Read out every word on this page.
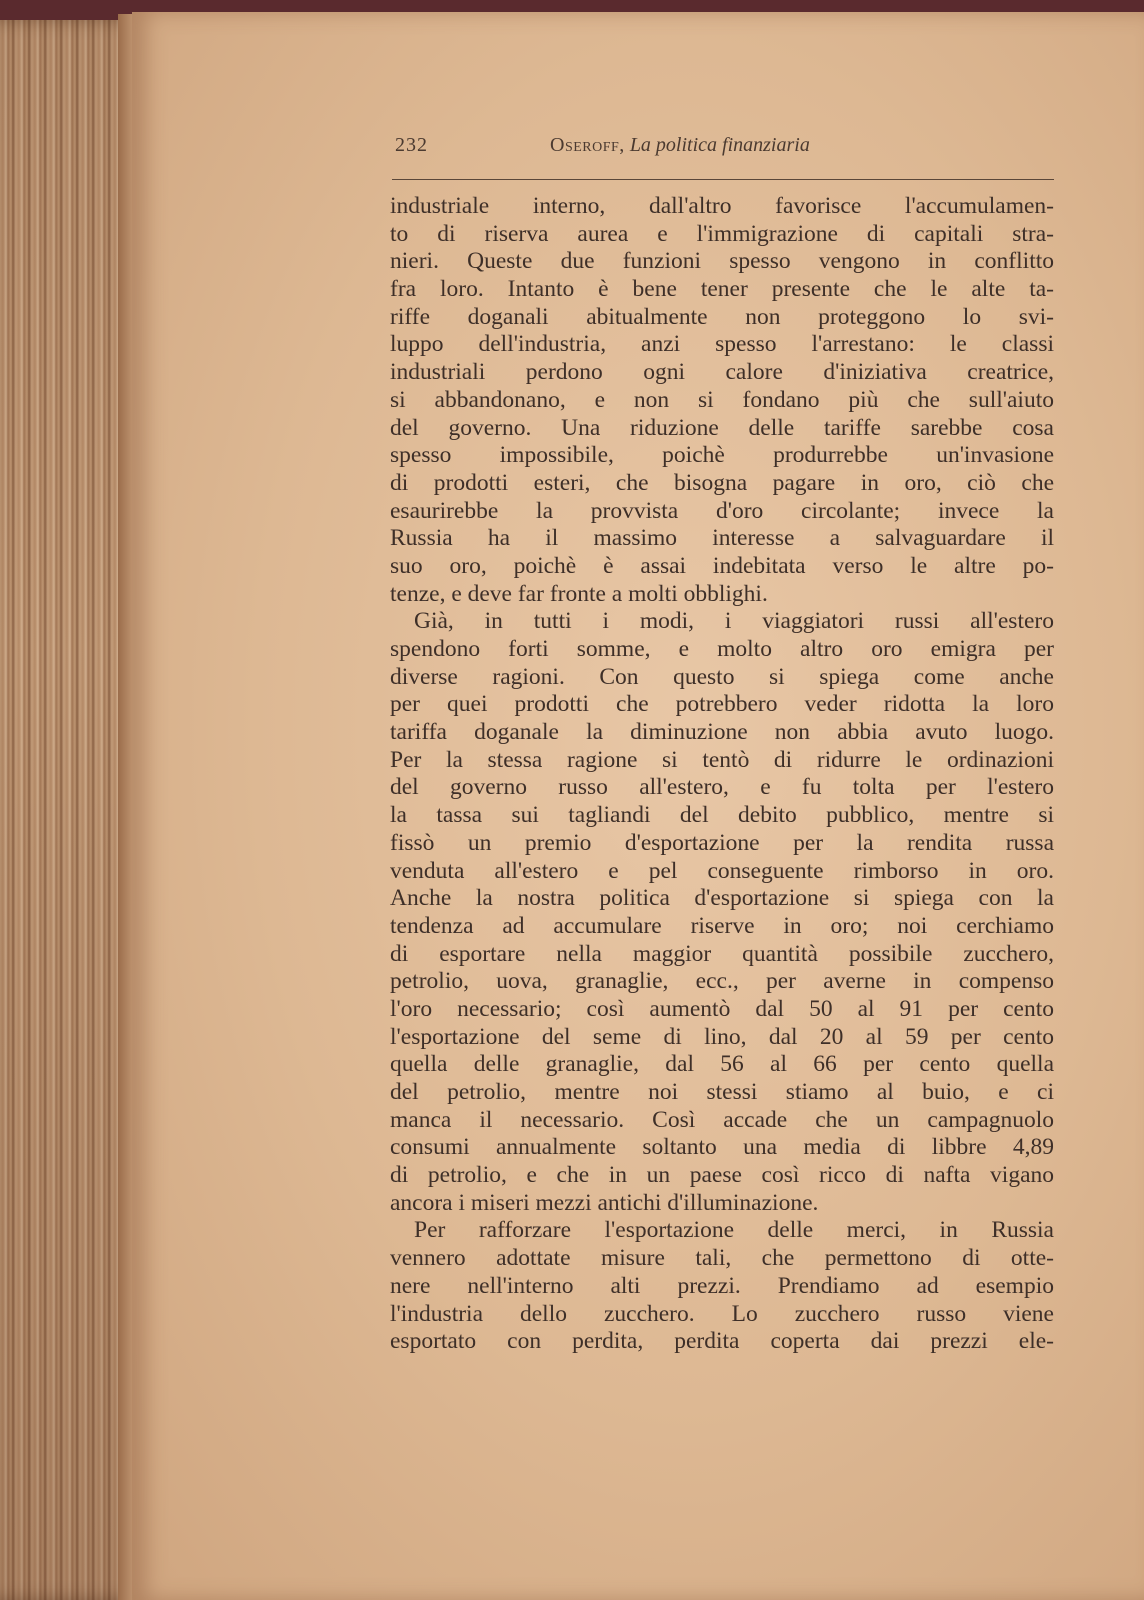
232	Oseroff, La politica finanziaria
industriale interno, dall'altro favorisce l'accumulamen-
to di riserva aurea e l'immigrazione di capitali stra-
nieri. Queste due funzioni spesso vengono in conflitto
fra loro. Intanto è bene tener presente che le alte ta-
riffe doganali abitualmente non proteggono lo svi-
luppo dell'industria, anzi spesso l'arrestano: le classi
industriali perdono ogni calore d'iniziativa creatrice,
si abbandonano, e non si fondano più che sull'aiuto
del governo. Una riduzione delle tariffe sarebbe cosa
spesso impossibile, poichè produrrebbe un'invasione
di prodotti esteri, che bisogna pagare in oro, ciò che
esaurirebbe la provvista d'oro circolante; invece la
Russia ha il massimo interesse a salvaguardare il
suo oro, poichè è assai indebitata verso le altre po-
tenze, e deve far fronte a molti obblighi.
Già, in tutti i modi, i viaggiatori russi all'estero
spendono forti somme, e molto altro oro emigra per
diverse ragioni. Con questo si spiega come anche
per quei prodotti che potrebbero veder ridotta la loro
tariffa doganale la diminuzione non abbia avuto luogo.
Per la stessa ragione si tentò di ridurre le ordinazioni
del governo russo all'estero, e fu tolta per l'estero
la tassa sui tagliandi del debito pubblico, mentre si
fissò un premio d'esportazione per la rendita russa
venduta all'estero e pel conseguente rimborso in oro.
Anche la nostra politica d'esportazione si spiega con la
tendenza ad accumulare riserve in oro; noi cerchiamo
di esportare nella maggior quantità possibile zucchero,
petrolio, uova, granaglie, ecc., per averne in compenso
l'oro necessario; così aumentò dal 50 al 91 per cento
l'esportazione del seme di lino, dal 20 al 59 per cento
quella delle granaglie, dal 56 al 66 per cento quella
del petrolio, mentre noi stessi stiamo al buio, e ci
manca il necessario. Così accade che un campagnuolo
consumi annualmente soltanto una media di libbre 4,89
di petrolio, e che in un paese così ricco di nafta vigano
ancora i miseri mezzi antichi d'illuminazione.
Per rafforzare l'esportazione delle merci, in Russia
vennero adottate misure tali, che permettono di otte-
nere nell'interno alti prezzi. Prendiamo ad esempio
l'industria dello zucchero. Lo zucchero russo viene
esportato con perdita, perdita coperta dai prezzi ele-
